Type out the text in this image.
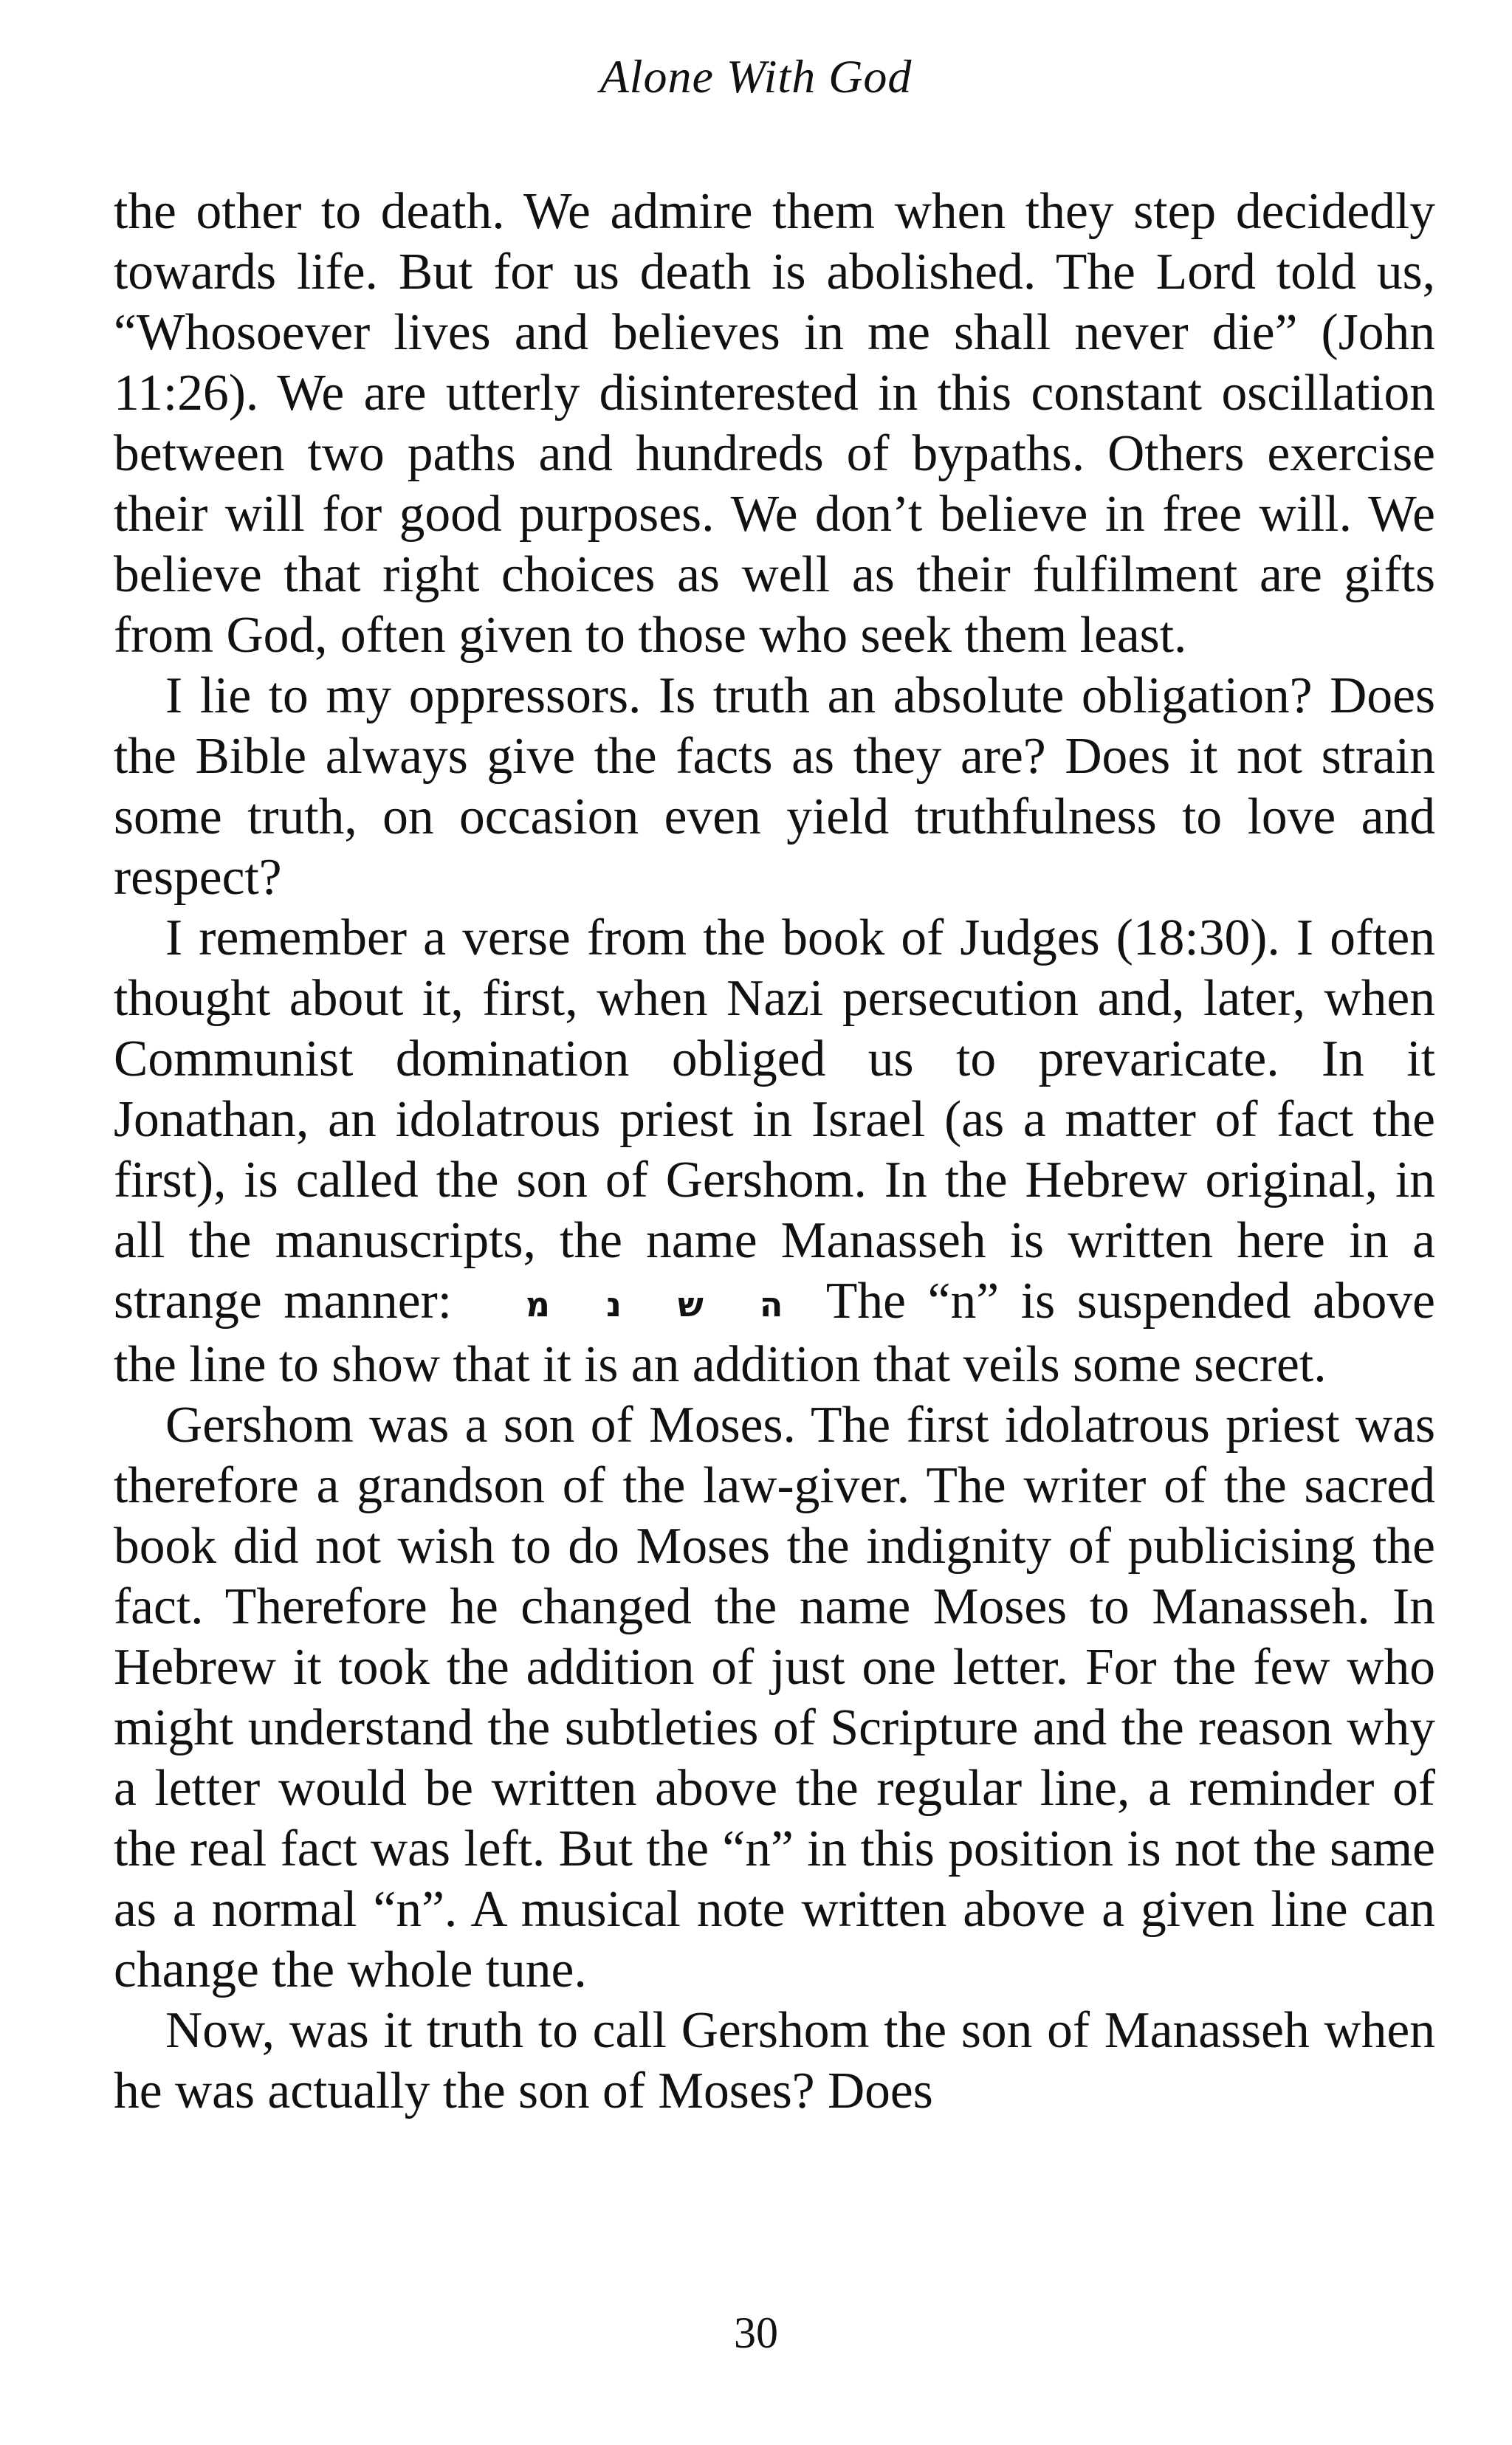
Alone With God

the other to death. We admire them when they step decidedly towards life. But for us death is abolished. The Lord told us, “Whosoever lives and believes in me shall never die” (John 11:26). We are utterly disinterested in this constant oscillation between two paths and hundreds of bypaths. Others exercise their will for good purposes. We don’t believe in free will. We believe that right choices as well as their fulfilment are gifts from God, often given to those who seek them least.

I lie to my oppressors. Is truth an absolute obligation? Does the Bible always give the facts as they are? Does it not strain some truth, on occasion even yield truthfulness to love and respect?

I remember a verse from the book of Judges (18:30). I often thought about it, first, when Nazi persecution and, later, when Communist domination obliged us to prevaricate. In it Jonathan, an idolatrous priest in Israel (as a matter of fact the first), is called the son of Gershom. In the Hebrew original, in all the manuscripts, the name Manasseh is written here in a strange manner: ה ש נ מ The “n” is suspended above the line to show that it is an addition that veils some secret.

Gershom was a son of Moses. The first idolatrous priest was therefore a grandson of the law-giver. The writer of the sacred book did not wish to do Moses the indignity of publicising the fact. Therefore he changed the name Moses to Manasseh. In Hebrew it took the addition of just one letter. For the few who might understand the subtleties of Scripture and the reason why a letter would be written above the regular line, a reminder of the real fact was left. But the “n” in this position is not the same as a normal “n”. A musical note written above a given line can change the whole tune.

Now, was it truth to call Gershom the son of Manasseh when he was actually the son of Moses? Does

30
